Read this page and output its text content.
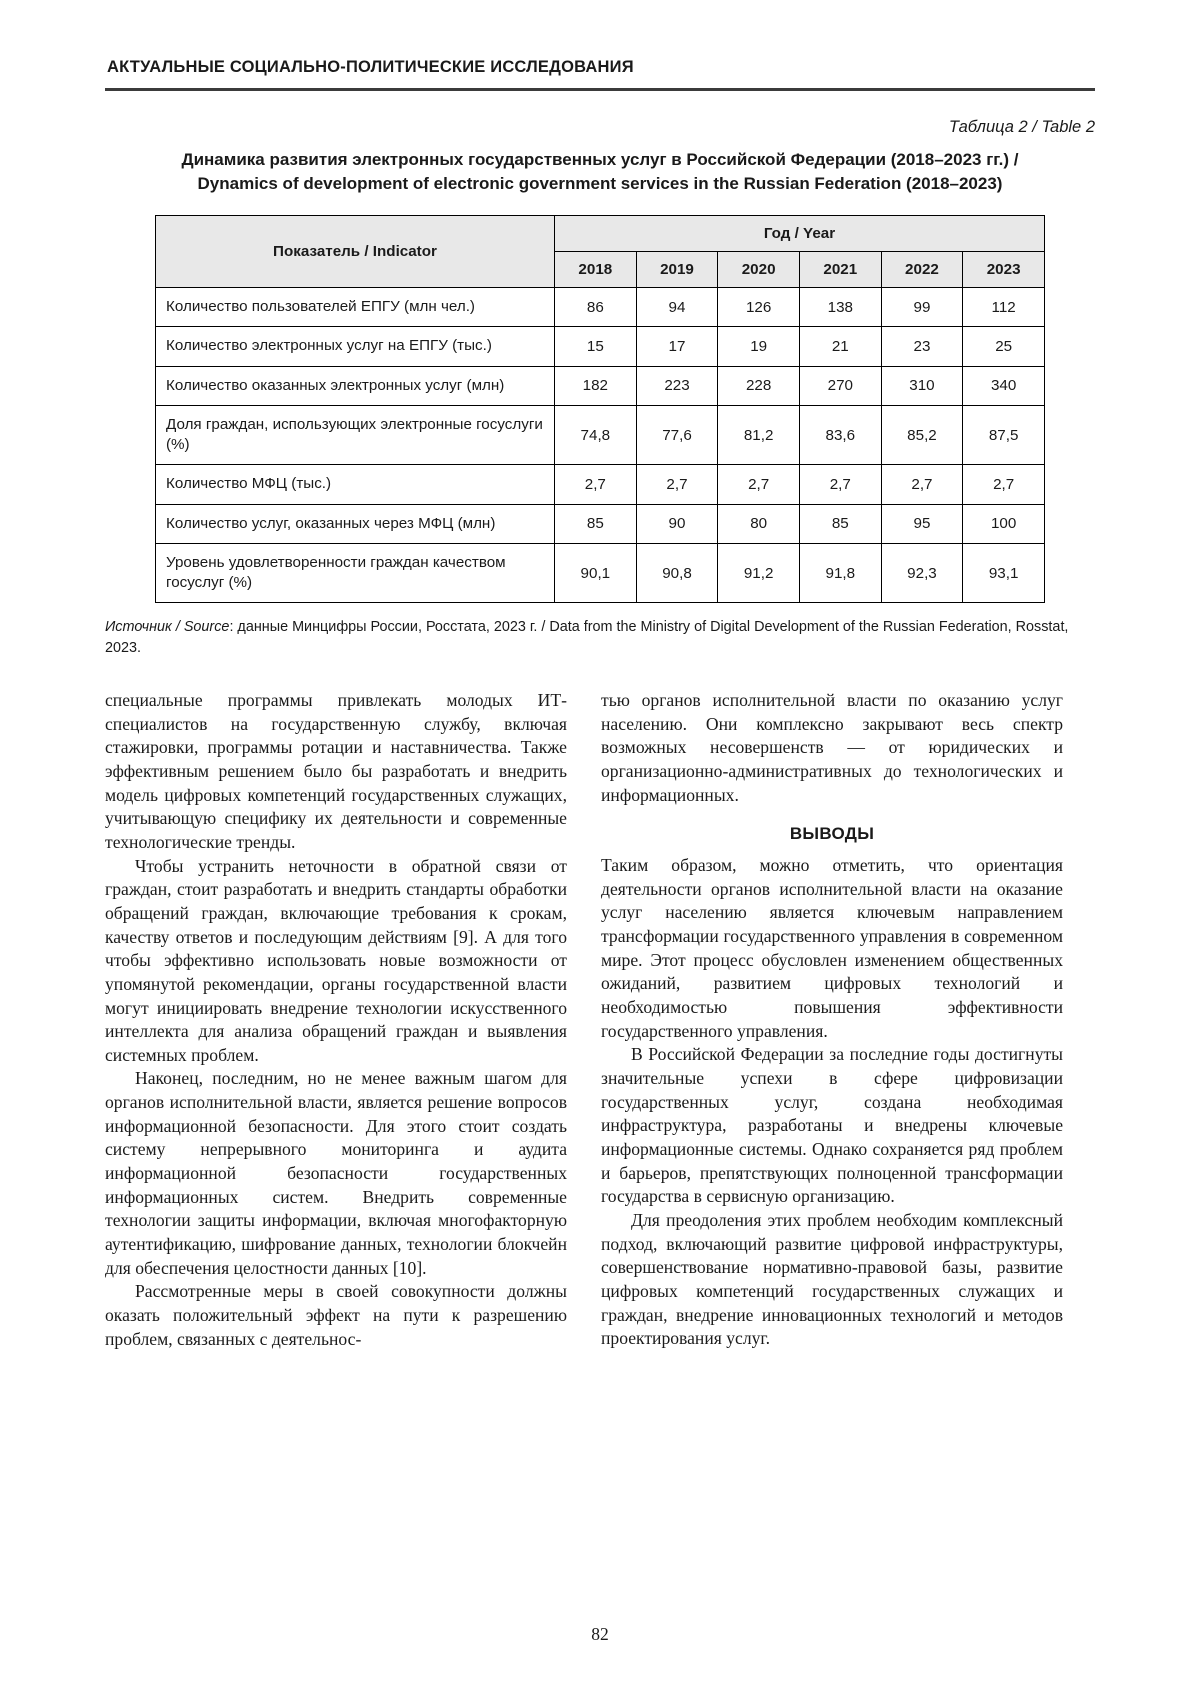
АКТУАЛЬНЫЕ СОЦИАЛЬНО-ПОЛИТИЧЕСКИЕ ИССЛЕДОВАНИЯ
Таблица 2 / Table 2
Динамика развития электронных государственных услуг в Российской Федерации (2018–2023 гг.) /
Dynamics of development of electronic government services in the Russian Federation (2018–2023)
Показатель / Indicator	Год / Year					
	2018	2019	2020	2021	2022	2023
Количество пользователей ЕПГУ (млн чел.)	86	94	126	138	99	112
Количество электронных услуг на ЕПГУ (тыс.)	15	17	19	21	23	25
Количество оказанных электронных услуг (млн)	182	223	228	270	310	340
Доля граждан, использующих электронные госуслуги (%)	74,8	77,6	81,2	83,6	85,2	87,5
Количество МФЦ (тыс.)	2,7	2,7	2,7	2,7	2,7	2,7
Количество услуг, оказанных через МФЦ (млн)	85	90	80	85	95	100
Уровень удовлетворенности граждан качеством госуслуг (%)	90,1	90,8	91,2	91,8	92,3	93,1
Источник / Source: данные Минцифры России, Росстата, 2023 г. / Data from the Ministry of Digital Development of the Russian Federation, Rosstat, 2023.

специальные программы привлекать молодых ИТ-специалистов на государственную службу, включая стажировки, программы ротации и наставничества. Также эффективным решением было бы разработать и внедрить модель цифровых компетенций государственных служащих, учитывающую специфику их деятельности и современные технологические тренды.

Чтобы устранить неточности в обратной связи от граждан, стоит разработать и внедрить стандарты обработки обращений граждан, включающие требования к срокам, качеству ответов и последующим действиям [9]. А для того чтобы эффективно использовать новые возможности от упомянутой рекомендации, органы государственной власти могут инициировать внедрение технологии искусственного интеллекта для анализа обращений граждан и выявления системных проблем.

Наконец, последним, но не менее важным шагом для органов исполнительной власти, является решение вопросов информационной безопасности. Для этого стоит создать систему непрерывного мониторинга и аудита информационной безопасности государственных информационных систем. Внедрить современные технологии защиты информации, включая многофакторную аутентификацию, шифрование данных, технологии блокчейн для обеспечения целостности данных [10].

Рассмотренные меры в своей совокупности должны оказать положительный эффект на пути к разрешению проблем, связанных с деятельнос-

тью органов исполнительной власти по оказанию услуг населению. Они комплексно закрывают весь спектр возможных несовершенств — от юридических и организационно-административных до технологических и информационных.

ВЫВОДЫ

Таким образом, можно отметить, что ориентация деятельности органов исполнительной власти на оказание услуг населению является ключевым направлением трансформации государственного управления в современном мире. Этот процесс обусловлен изменением общественных ожиданий, развитием цифровых технологий и необходимостью повышения эффективности государственного управления.

В Российской Федерации за последние годы достигнуты значительные успехи в сфере цифровизации государственных услуг, создана необходимая инфраструктура, разработаны и внедрены ключевые информационные системы. Однако сохраняется ряд проблем и барьеров, препятствующих полноценной трансформации государства в сервисную организацию.

Для преодоления этих проблем необходим комплексный подход, включающий развитие цифровой инфраструктуры, совершенствование нормативно-правовой базы, развитие цифровых компетенций государственных служащих и граждан, внедрение инновационных технологий и методов проектирования услуг.

82
